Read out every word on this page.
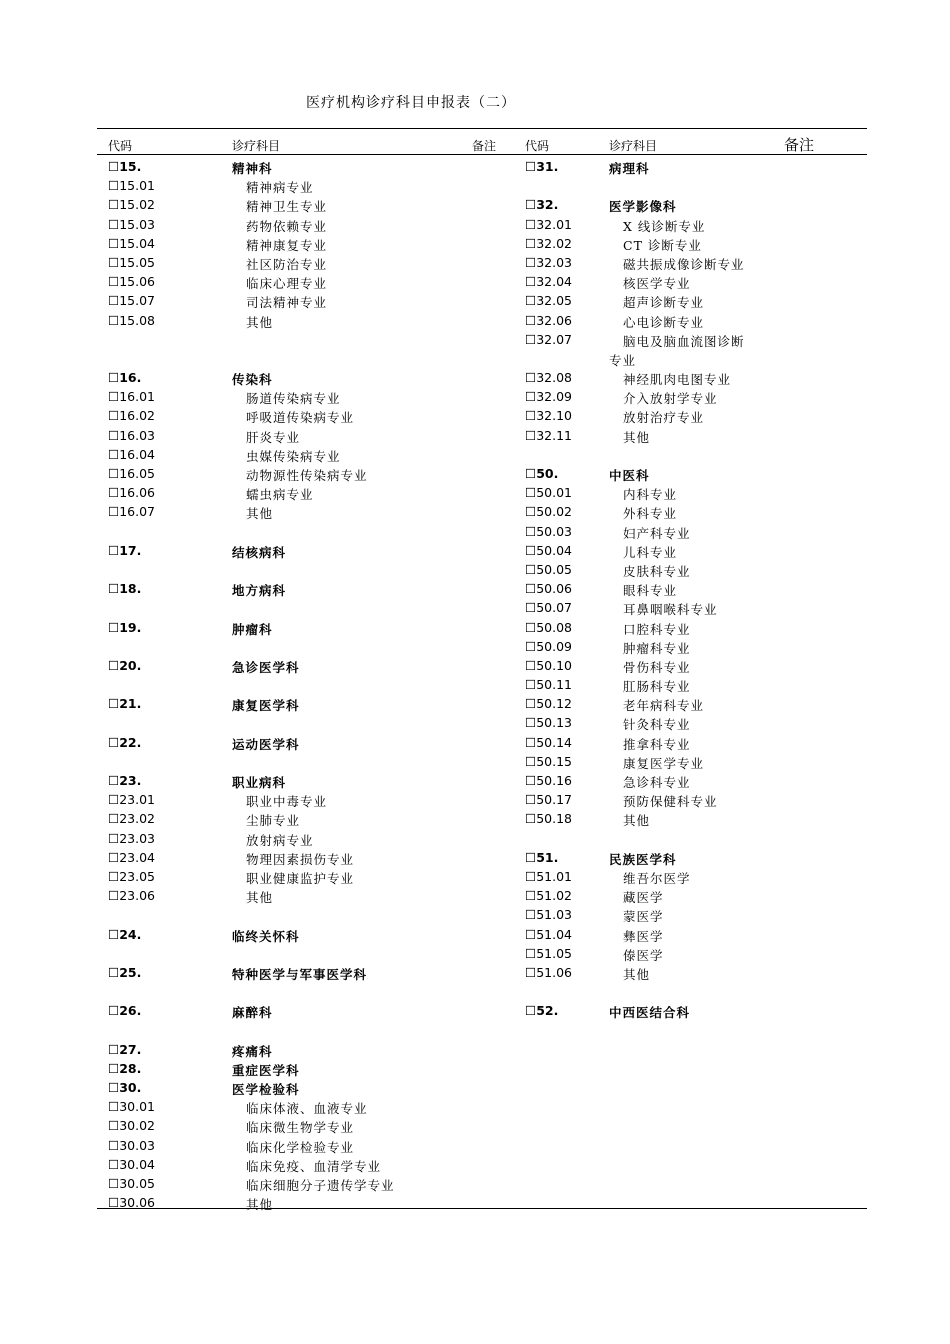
医疗机构诊疗科目申报表（二）
代码	诊疗科目	备注 代码	诊疗科目	备注
☐15.	精神科
☐15.01	精神病专业
☐15.02	精神卫生专业
☐15.03	药物依赖专业
☐15.04	精神康复专业
☐15.05	社区防治专业
☐15.06	临床心理专业
☐15.07	司法精神专业
☐15.08	其他
☐16.	传染科
☐16.01	肠道传染病专业
☐16.02	呼吸道传染病专业
☐16.03	肝炎专业
☐16.04	虫媒传染病专业
☐16.05	动物源性传染病专业
☐16.06	蠕虫病专业
☐16.07	其他
☐17.	结核病科
☐18.	地方病科
☐19.	肿瘤科
☐20.	急诊医学科
☐21.	康复医学科
☐22.	运动医学科
☐23.	职业病科
☐23.01	职业中毒专业
☐23.02	尘肺专业
☐23.03	放射病专业
☐23.04	物理因素损伤专业
☐23.05	职业健康监护专业
☐23.06	其他
☐24.	临终关怀科
☐25.	特种医学与军事医学科
☐26.	麻醉科
☐27.	疼痛科
☐28.	重症医学科
☐30.	医学检验科
☐30.01	临床体液、血液专业
☐30.02	临床微生物学专业
☐30.03	临床化学检验专业
☐30.04	临床免疫、血清学专业
☐30.05	临床细胞分子遗传学专业
☐30.06	其他
☐31.	病理科
☐32.	医学影像科
☐32.01	X 线诊断专业
☐32.02	CT 诊断专业
☐32.03	磁共振成像诊断专业
☐32.04	核医学专业
☐32.05	超声诊断专业
☐32.06	心电诊断专业
☐32.07	脑电及脑血流图诊断
专业
☐32.08	神经肌肉电图专业
☐32.09	介入放射学专业
☐32.10	放射治疗专业
☐32.11	其他
☐50.	中医科
☐50.01	内科专业
☐50.02	外科专业
☐50.03	妇产科专业
☐50.04	儿科专业
☐50.05	皮肤科专业
☐50.06	眼科专业
☐50.07	耳鼻咽喉科专业
☐50.08	口腔科专业
☐50.09	肿瘤科专业
☐50.10	骨伤科专业
☐50.11	肛肠科专业
☐50.12	老年病科专业
☐50.13	针灸科专业
☐50.14	推拿科专业
☐50.15	康复医学专业
☐50.16	急诊科专业
☐50.17	预防保健科专业
☐50.18	其他
☐51.	民族医学科
☐51.01	维吾尔医学
☐51.02	藏医学
☐51.03	蒙医学
☐51.04	彝医学
☐51.05	傣医学
☐51.06	其他
☐52.	中西医结合科
